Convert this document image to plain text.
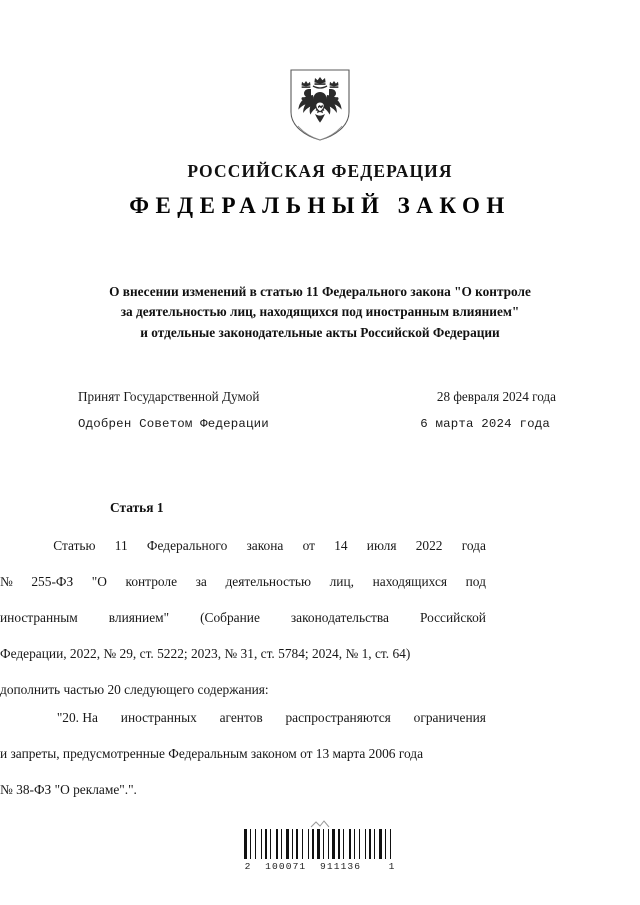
РОССИЙСКАЯ ФЕДЕРАЦИЯ
ФЕДЕРАЛЬНЫЙ ЗАКОН
О внесении изменений в статью 11 Федерального закона "О контроле
за деятельностью лиц, находящихся под иностранным влиянием"
и отдельные законодательные акты Российской Федерации
Принят Государственной Думой	28 февраля 2024 года
Одобрен Советом Федерации	6 марта 2024 года
Статья 1
Статью 11 Федерального закона от 14 июля 2022 года
№ 255-ФЗ "О контроле за деятельностью лиц, находящихся под
иностранным влиянием" (Собрание законодательства Российской
Федерации, 2022, № 29, ст. 5222; 2023, № 31, ст. 5784; 2024, № 1, ст. 64)
дополнить частью 20 следующего содержания:
"20. На иностранных агентов распространяются ограничения
и запреты, предусмотренные Федеральным законом от 13 марта 2006 года
№ 38-ФЗ "О рекламе".".
2  100071  911136    1
